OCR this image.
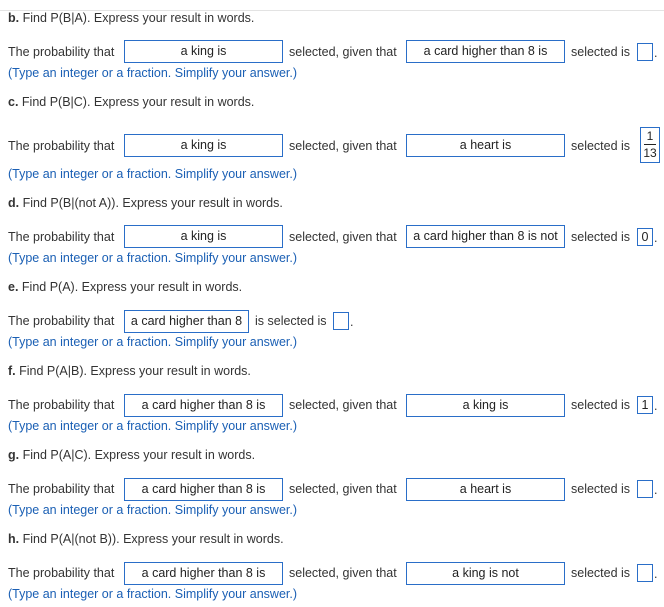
b. Find P(B|A). Express your result in words.
The probability that	a king is	selected, given that	a card higher than 8 is	selected is .
(Type an integer or a fraction. Simplify your answer.)
c. Find P(B|C). Express your result in words.
The probability that	a king is	selected, given that	a heart is	selected is
1
13
(Type an integer or a fraction. Simplify your answer.)
d. Find P(B|(not A)). Express your result in words.
The probability that	a king is	selected, given that	a card higher than 8 is not	selected is 0 .
(Type an integer or a fraction. Simplify your answer.)
e. Find P(A). Express your result in words.
The probability that	a card higher than 8	is selected is .
(Type an integer or a fraction. Simplify your answer.)
f. Find P(A|B). Express your result in words.
The probability that	a card higher than 8 is	selected, given that	a king is	selected is 1 .
(Type an integer or a fraction. Simplify your answer.)
g. Find P(A|C). Express your result in words.
The probability that	a card higher than 8 is	selected, given that	a heart is	selected is .
(Type an integer or a fraction. Simplify your answer.)
h. Find P(A|(not B)). Express your result in words.
The probability that	a card higher than 8 is	selected, given that	a king is not	selected is .
(Type an integer or a fraction. Simplify your answer.)
